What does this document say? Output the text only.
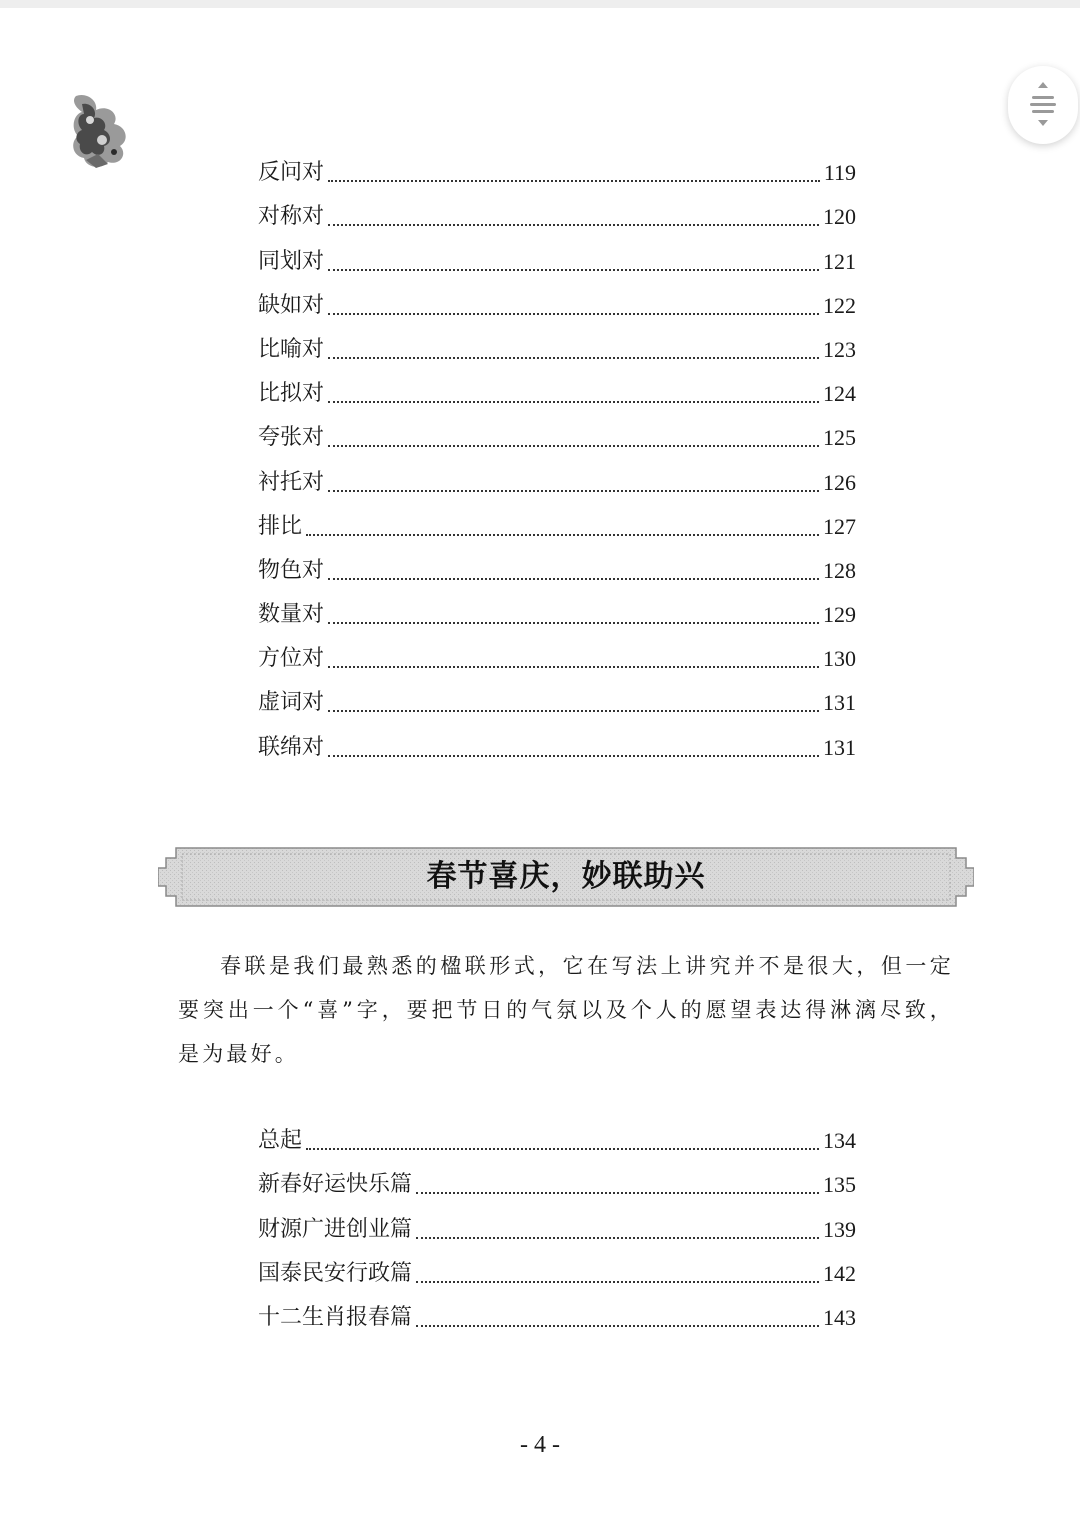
反问对	119
对称对	120
同划对	121
缺如对	122
比喻对	123
比拟对	124
夸张对	125
衬托对	126
排比	127
物色对	128
数量对	129
方位对	130
虚词对	131
联绵对	131
春节喜庆，妙联助兴

春联是我们最熟悉的楹联形式，它在写法上讲究并不是很大，但一定要突出一个“喜”字，要把节日的气氛以及个人的愿望表达得淋漓尽致，是为最好。

总起	134
新春好运快乐篇	135
财源广进创业篇	139
国泰民安行政篇	142
十二生肖报春篇	143
- 4 -
